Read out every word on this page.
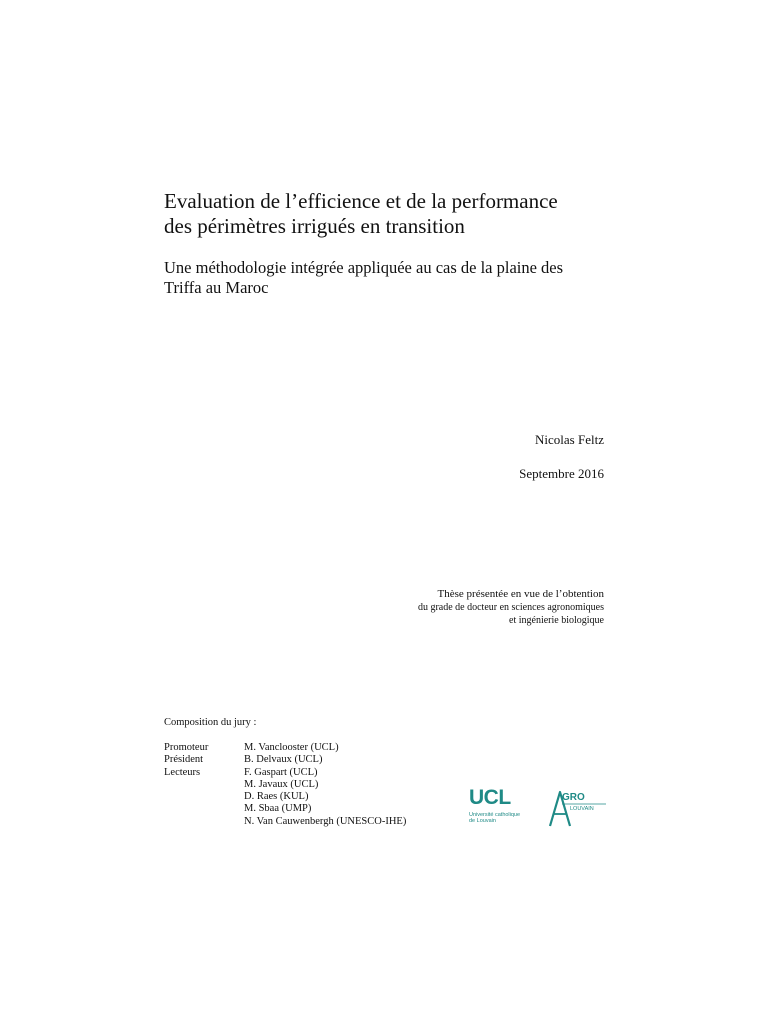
Evaluation de l’efficience et de la performance
des périmètres irrigués en transition
Une méthodologie intégrée appliquée au cas de la plaine des
Triffa au Maroc
Nicolas Feltz
Septembre 2016
Thèse présentée en vue de l’obtention
du grade de docteur en sciences agronomiques
et ingénierie biologique
Composition du jury :
Promoteur	M. Vanclooster (UCL)
Président	B. Delvaux (UCL)
Lecteurs	F. Gaspart (UCL)
M. Javaux (UCL)
D. Raes (KUL)
M. Sbaa (UMP)
N. Van Cauwenbergh (UNESCO-IHE)
UCL
Université catholique
de Louvain
GRO
LOUVAIN
